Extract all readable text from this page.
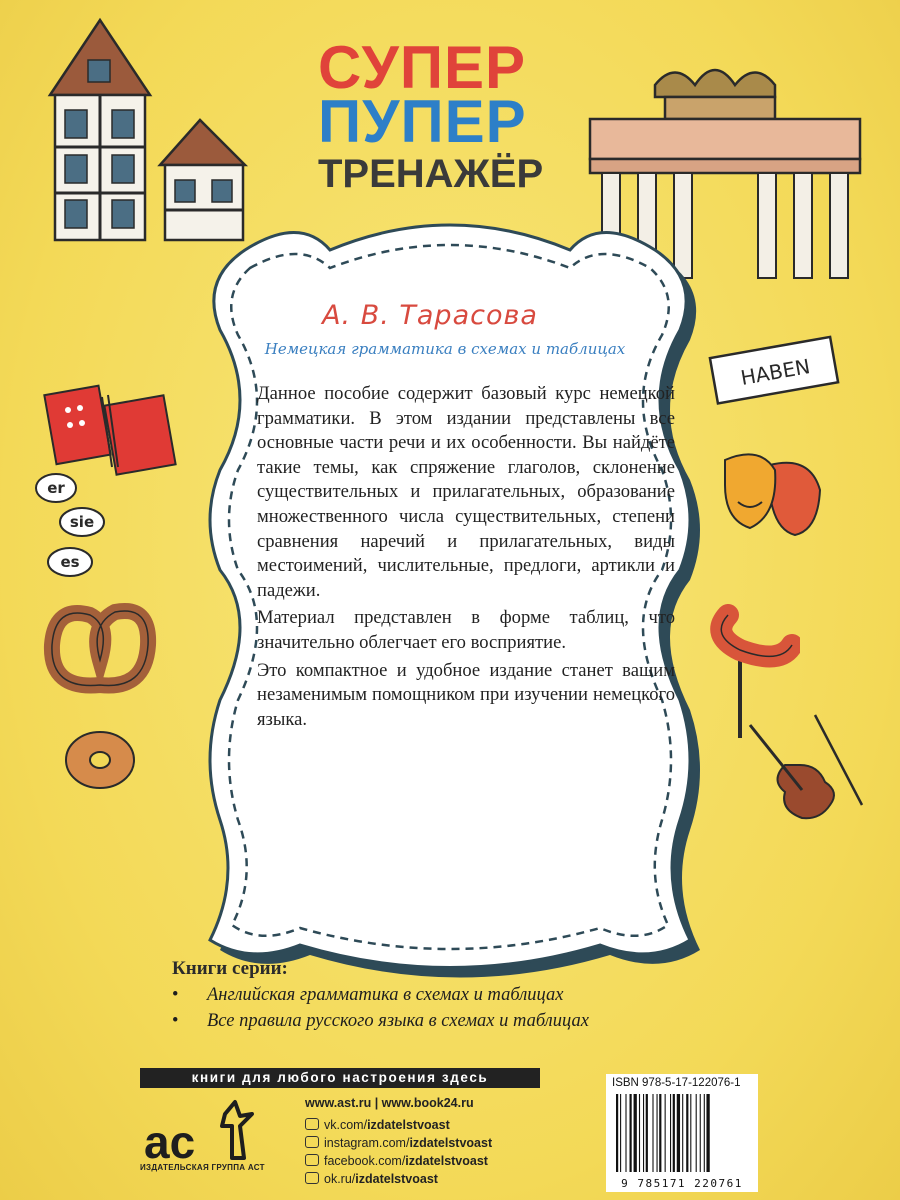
СУПЕР
ПУПЕР
ТРЕНАЖЁР
А. В. Тарасова
Немецкая грамматика в схемах и таблицах

Данное пособие содержит базовый курс немецкой грамматики. В этом издании представлены все основные части речи и их особенности. Вы найдёте такие темы, как спряжение глаголов, склонение существительных и прилагательных, образование множественного числа существительных, степени сравнения наречий и прилагательных, виды местоимений, числительные, предлоги, артикли и падежи.

Материал представлен в форме таблиц, что значительно облегчает его восприятие.

Это компактное и удобное издание станет вашим незаменимым помощником при изучении немецкого языка.

er
sie
es
HABEN
Книги серии:
• Английская грамматика в схемах и таблицах
• Все правила русского языка в схемах и таблицах
книги для любого настроения здесь
ac
ИЗДАТЕЛЬСКАЯ ГРУППА АСТ
www.ast.ru | www.book24.ru
vk.com/izdatelstvoast
instagram.com/izdatelstvoast
facebook.com/izdatelstvoast
ok.ru/izdatelstvoast
ISBN 978-5-17-122076-1
9 785171 220761
